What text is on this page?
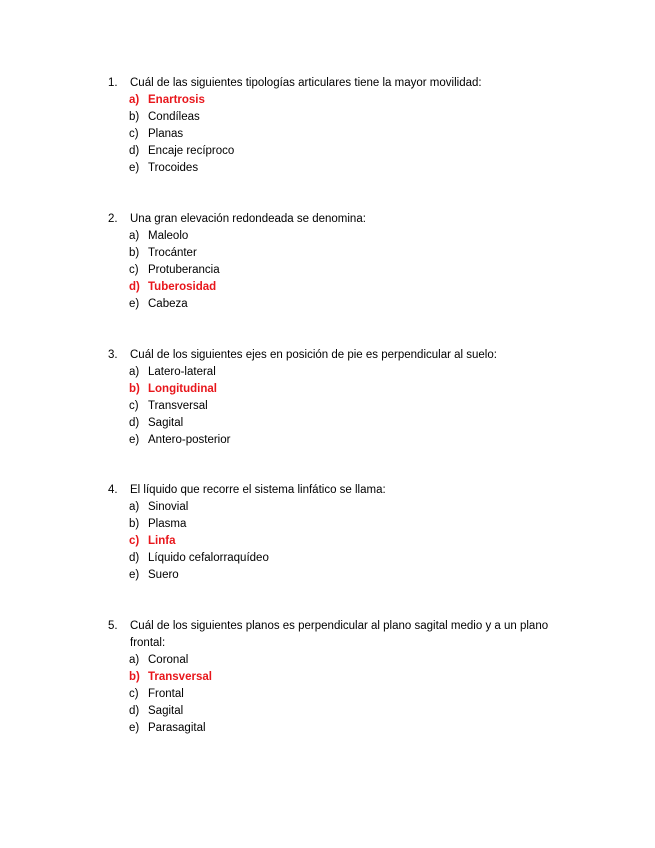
1.	Cuál de las siguientes tipologías articulares tiene la mayor movilidad:
a) Enartrosis
b) Condíleas
c) Planas
d) Encaje recíproco
e) Trocoides
2.	Una gran elevación redondeada se denomina:
a) Maleolo
b) Trocánter
c) Protuberancia
d) Tuberosidad
e) Cabeza
3.	Cuál de los siguientes ejes en posición de pie es perpendicular al suelo:
a) Latero-lateral
b) Longitudinal
c) Transversal
d) Sagital
e) Antero-posterior
4.	El líquido que recorre el sistema linfático se llama:
a) Sinovial
b) Plasma
c) Linfa
d) Líquido cefalorraquídeo
e) Suero
5.	Cuál de los siguientes planos es perpendicular al plano sagital medio y a un plano frontal:
a) Coronal
b) Transversal
c) Frontal
d) Sagital
e) Parasagital
